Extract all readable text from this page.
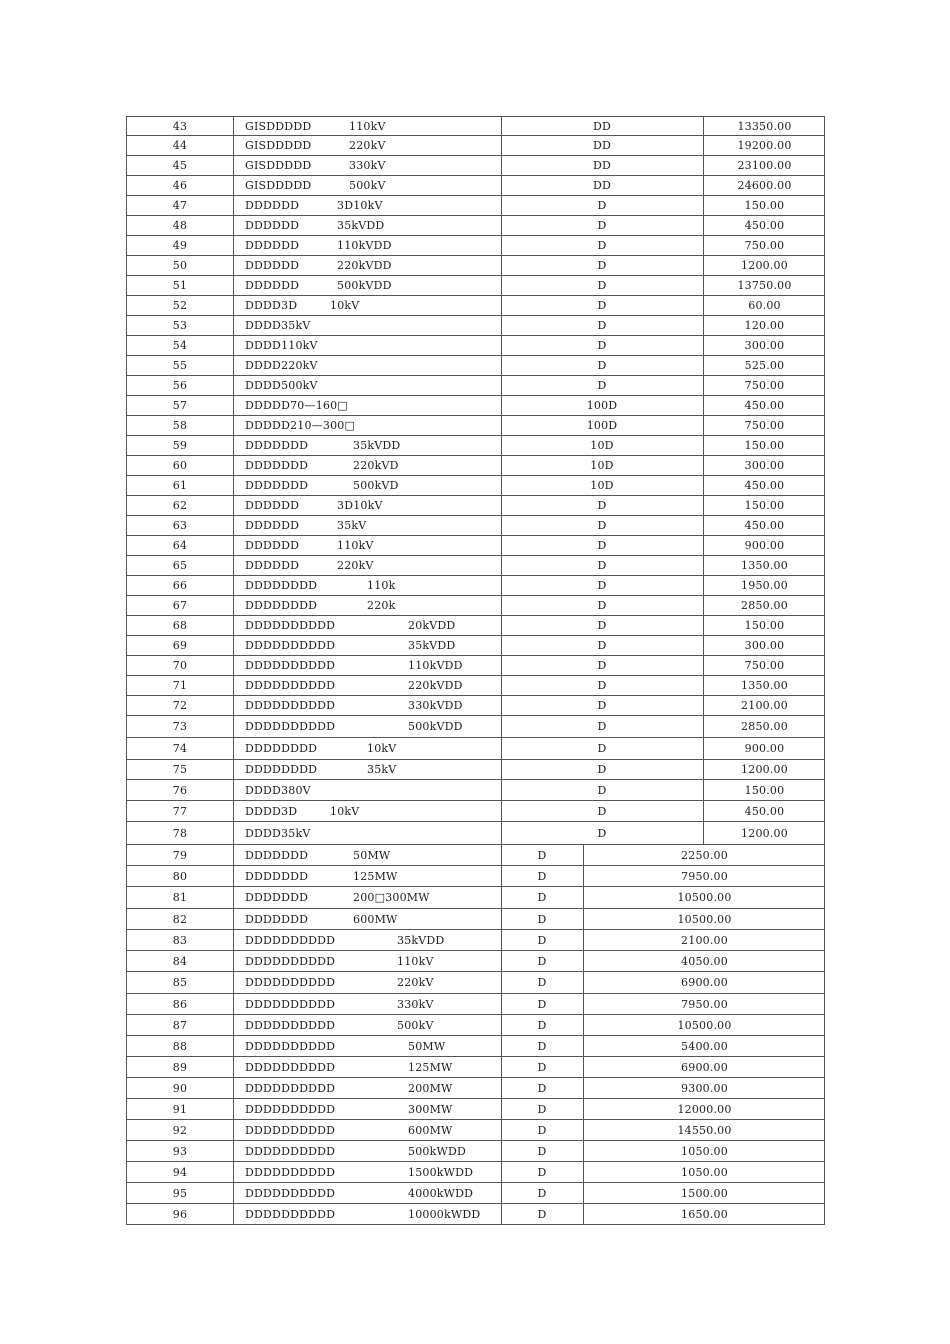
43	GISDDDDD	110kV	DD	13350.00
44	GISDDDDD	220kV	DD	19200.00
45	GISDDDDD	330kV	DD	23100.00
46	GISDDDDD	500kV	DD	24600.00
47	DDDDDD	3D10kV	D	150.00
48	DDDDDD	35kVDD	D	450.00
49	DDDDDD	110kVDD	D	750.00
50	DDDDDD	220kVDD	D	1200.00
51	DDDDDD	500kVDD	D	13750.00
52	DDDD3D	10kV	D	60.00
53	DDDD35kV	D	120.00
54	DDDD110kV	D	300.00
55	DDDD220kV	D	525.00
56	DDDD500kV	D	750.00
57	DDDDD70—160□	100D	450.00
58	DDDDD210—300□	100D	750.00
59	DDDDDDD	35kVDD	10D	150.00
60	DDDDDDD	220kVD	10D	300.00
61	DDDDDDD	500kVD	10D	450.00
62	DDDDDD	3D10kV	D	150.00
63	DDDDDD	35kV	D	450.00
64	DDDDDD	110kV	D	900.00
65	DDDDDD	220kV	D	1350.00
66	DDDDDDDD	110k	D	1950.00
67	DDDDDDDD	220k	D	2850.00
68	DDDDDDDDDD	20kVDD	D	150.00
69	DDDDDDDDDD	35kVDD	D	300.00
70	DDDDDDDDDD	110kVDD	D	750.00
71	DDDDDDDDDD	220kVDD	D	1350.00
72	DDDDDDDDDD	330kVDD	D	2100.00
73	DDDDDDDDDD	500kVDD	D	2850.00
74	DDDDDDDD	10kV	D	900.00
75	DDDDDDDD	35kV	D	1200.00
76	DDDD380V	D	150.00
77	DDDD3D	10kV	D	450.00
78	DDDD35kV	D	1200.00
79	DDDDDDD	50MW	D	2250.00
80	DDDDDDD	125MW	D	7950.00
81	DDDDDDD	200□300MW	D	10500.00
82	DDDDDDD	600MW	D	10500.00
83	DDDDDDDDDD	35kVDD	D	2100.00
84	DDDDDDDDDD	110kV	D	4050.00
85	DDDDDDDDDD	220kV	D	6900.00
86	DDDDDDDDDD	330kV	D	7950.00
87	DDDDDDDDDD	500kV	D	10500.00
88	DDDDDDDDDD	50MW	D	5400.00
89	DDDDDDDDDD	125MW	D	6900.00
90	DDDDDDDDDD	200MW	D	9300.00
91	DDDDDDDDDD	300MW	D	12000.00
92	DDDDDDDDDD	600MW	D	14550.00
93	DDDDDDDDDD	500kWDD	D	1050.00
94	DDDDDDDDDD	1500kWDD	D	1050.00
95	DDDDDDDDDD	4000kWDD	D	1500.00
96	DDDDDDDDDD	10000kWDD	D	1650.00
